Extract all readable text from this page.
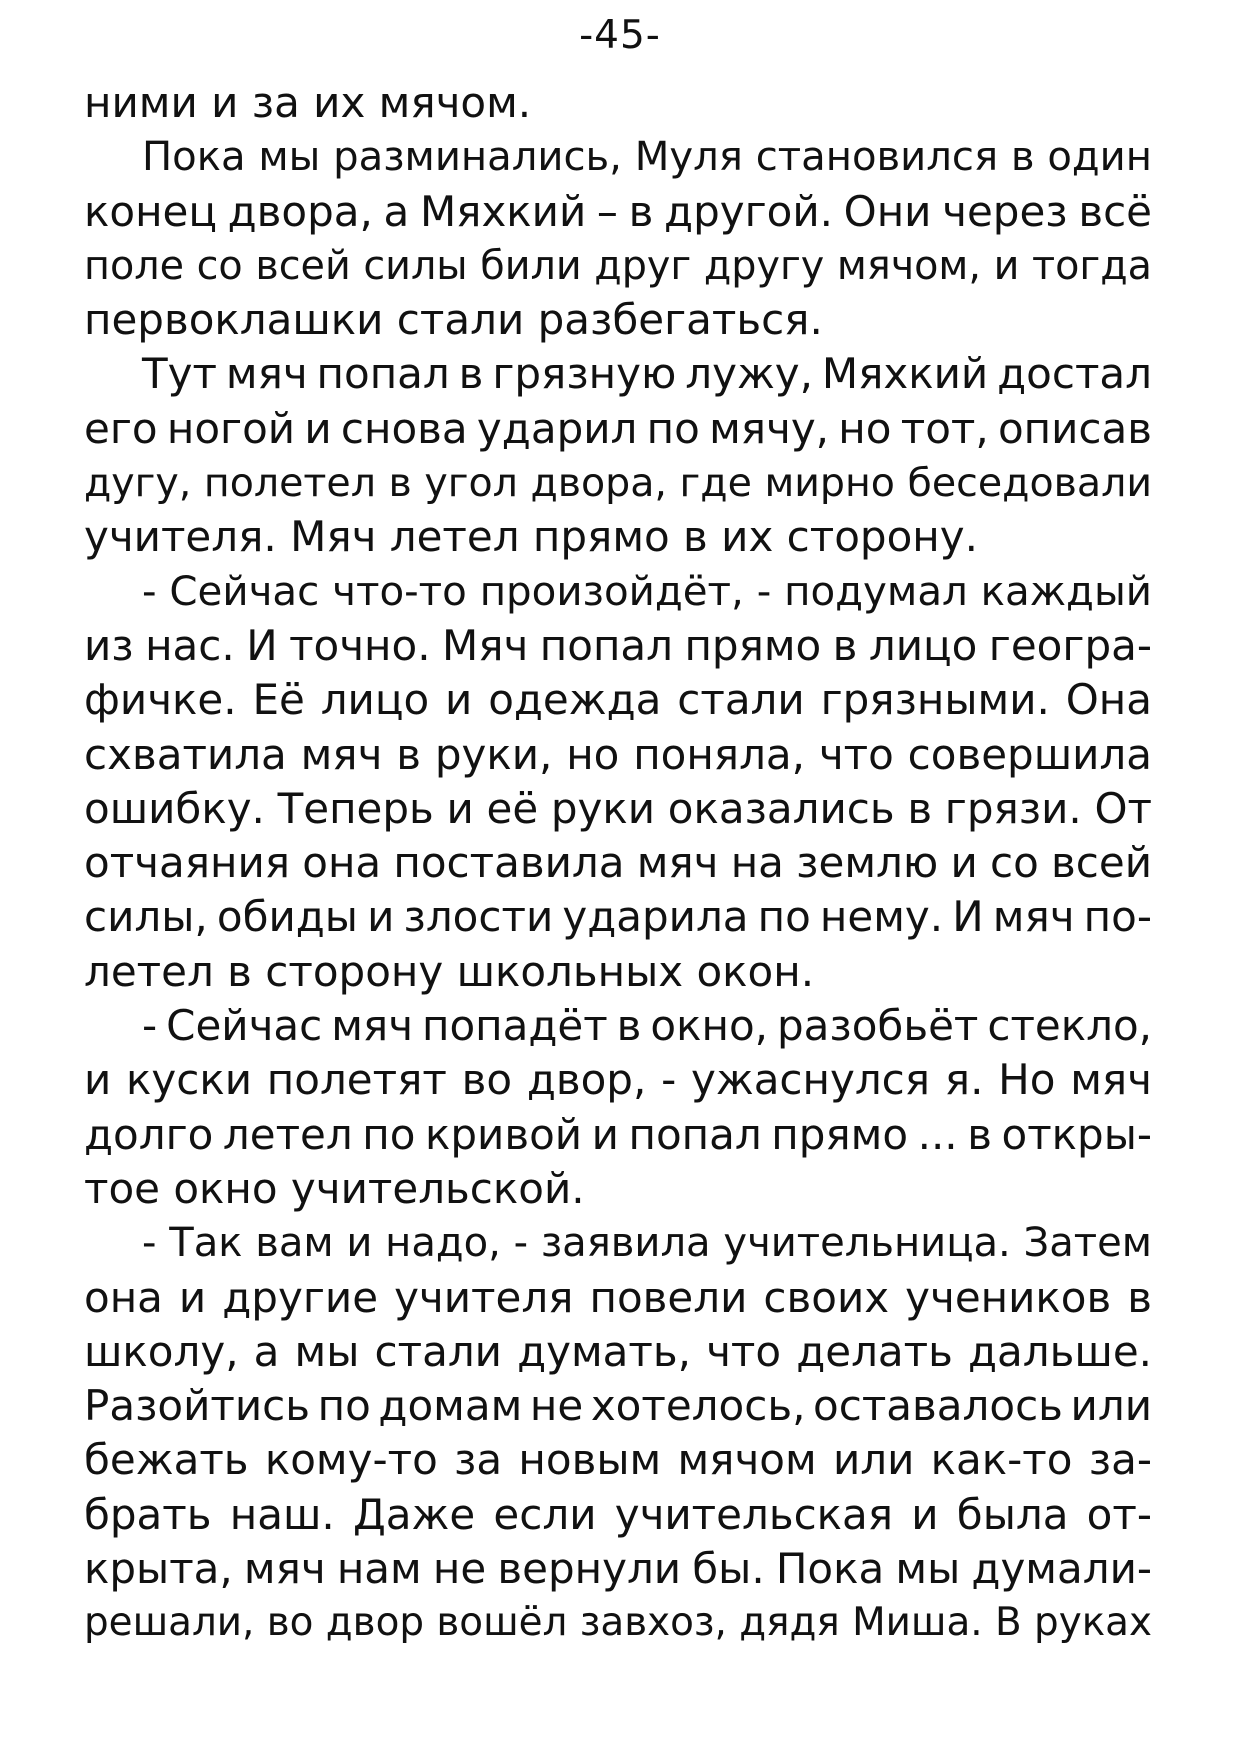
-45-
ними и за их мячом.
Пока мы разминались, Муля становился в один
конец двора, а Мяхкий – в другой. Они через всё
поле со всей силы били друг другу мячом, и тогда
первоклашки стали разбегаться.
Тут мяч попал в грязную лужу, Мяхкий достал
его ногой и снова ударил по мячу, но тот, описав
дугу, полетел в угол двора, где мирно беседовали
учителя. Мяч летел прямо в их сторону.
- Сейчас что-то произойдёт, - подумал каждый
из нас. И точно. Мяч попал прямо в лицо геогра-
фичке. Её лицо и одежда стали грязными. Она
схватила мяч в руки, но поняла, что совершила
ошибку. Теперь и её руки оказались в грязи. От
отчаяния она поставила мяч на землю и со всей
силы, обиды и злости ударила по нему. И мяч по-
летел в сторону школьных окон.
- Сейчас мяч попадёт в окно, разобьёт стекло,
и куски полетят во двор, - ужаснулся я. Но мяч
долго летел по кривой и попал прямо ... в откры-
тое окно учительской.
- Так вам и надо, - заявила учительница. Затем
она и другие учителя повели своих учеников в
школу, а мы стали думать, что делать дальше.
Разойтись по домам не хотелось, оставалось или
бежать кому-то за новым мячом или как-то за-
брать наш. Даже если учительская и была от-
крыта, мяч нам не вернули бы. Пока мы думали-
решали, во двор вошёл завхоз, дядя Миша. В руках
